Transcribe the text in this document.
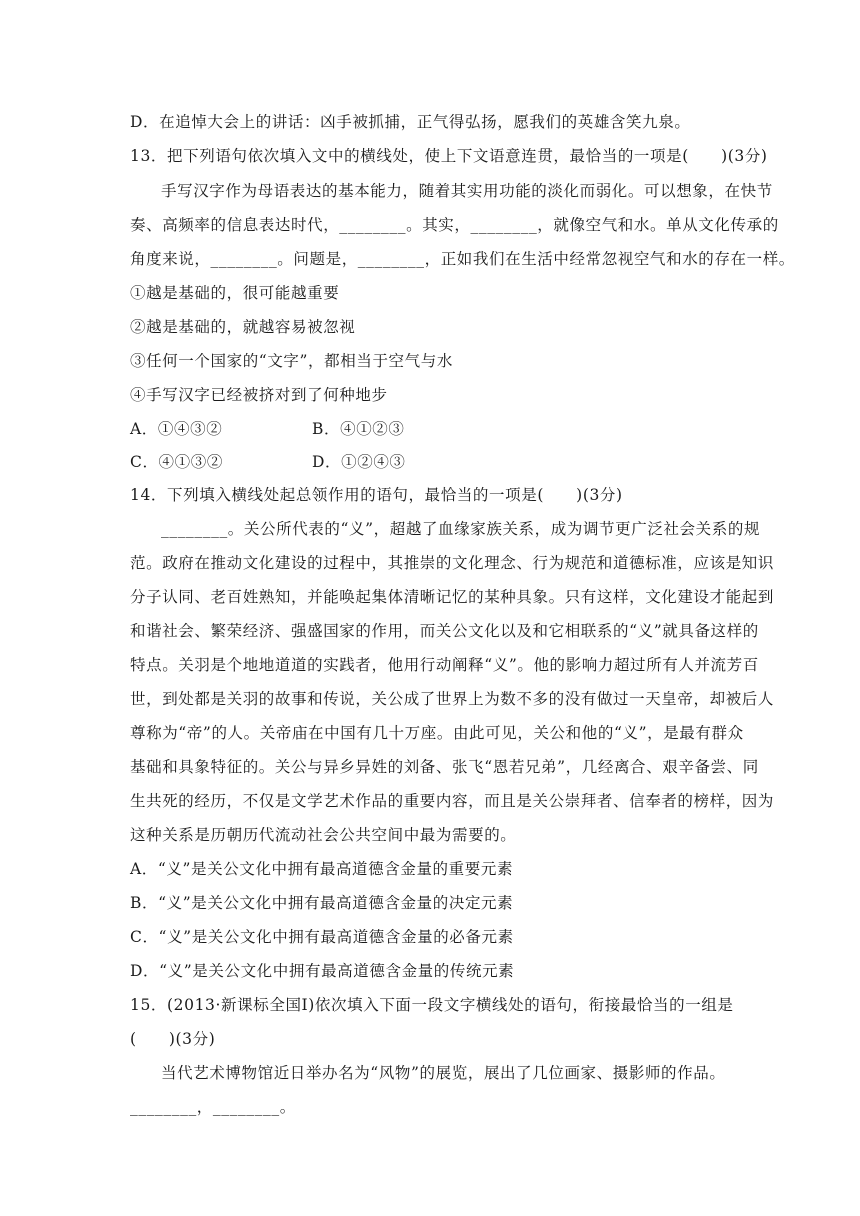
D．在追悼大会上的讲话：凶手被抓捕，正气得弘扬，愿我们的英雄含笑九泉。
13．把下列语句依次填入文中的横线处，使上下文语意连贯，最恰当的一项是(　　)(3分)
手写汉字作为母语表达的基本能力，随着其实用功能的淡化而弱化。可以想象，在快节
奏、高频率的信息表达时代，________。其实，________，就像空气和水。单从文化传承的
角度来说，________。问题是，________，正如我们在生活中经常忽视空气和水的存在一样。
①越是基础的，很可能越重要
②越是基础的，就越容易被忽视
③任何一个国家的“文字”，都相当于空气与水
④手写汉字已经被挤对到了何种地步
A．①④③②	B．④①②③
C．④①③②	D．①②④③
14．下列填入横线处起总领作用的语句，最恰当的一项是(　　)(3分)
________。关公所代表的“义”，超越了血缘家族关系，成为调节更广泛社会关系的规
范。政府在推动文化建设的过程中，其推崇的文化理念、行为规范和道德标准，应该是知识
分子认同、老百姓熟知，并能唤起集体清晰记忆的某种具象。只有这样，文化建设才能起到
和谐社会、繁荣经济、强盛国家的作用，而关公文化以及和它相联系的“义”就具备这样的
特点。关羽是个地地道道的实践者，他用行动阐释“义”。他的影响力超过所有人并流芳百
世，到处都是关羽的故事和传说，关公成了世界上为数不多的没有做过一天皇帝，却被后人
尊称为“帝”的人。关帝庙在中国有几十万座。由此可见，关公和他的“义”，是最有群众
基础和具象特征的。关公与异乡异姓的刘备、张飞“恩若兄弟”，几经离合、艰辛备尝、同
生共死的经历，不仅是文学艺术作品的重要内容，而且是关公崇拜者、信奉者的榜样，因为
这种关系是历朝历代流动社会公共空间中最为需要的。
A．“义”是关公文化中拥有最高道德含金量的重要元素
B．“义”是关公文化中拥有最高道德含金量的决定元素
C．“义”是关公文化中拥有最高道德含金量的必备元素
D．“义”是关公文化中拥有最高道德含金量的传统元素
15．(2013·新课标全国Ⅰ)依次填入下面一段文字横线处的语句，衔接最恰当的一组是
(　　)(3分)
当代艺术博物馆近日举办名为“风物”的展览，展出了几位画家、摄影师的作品。
________，________。
